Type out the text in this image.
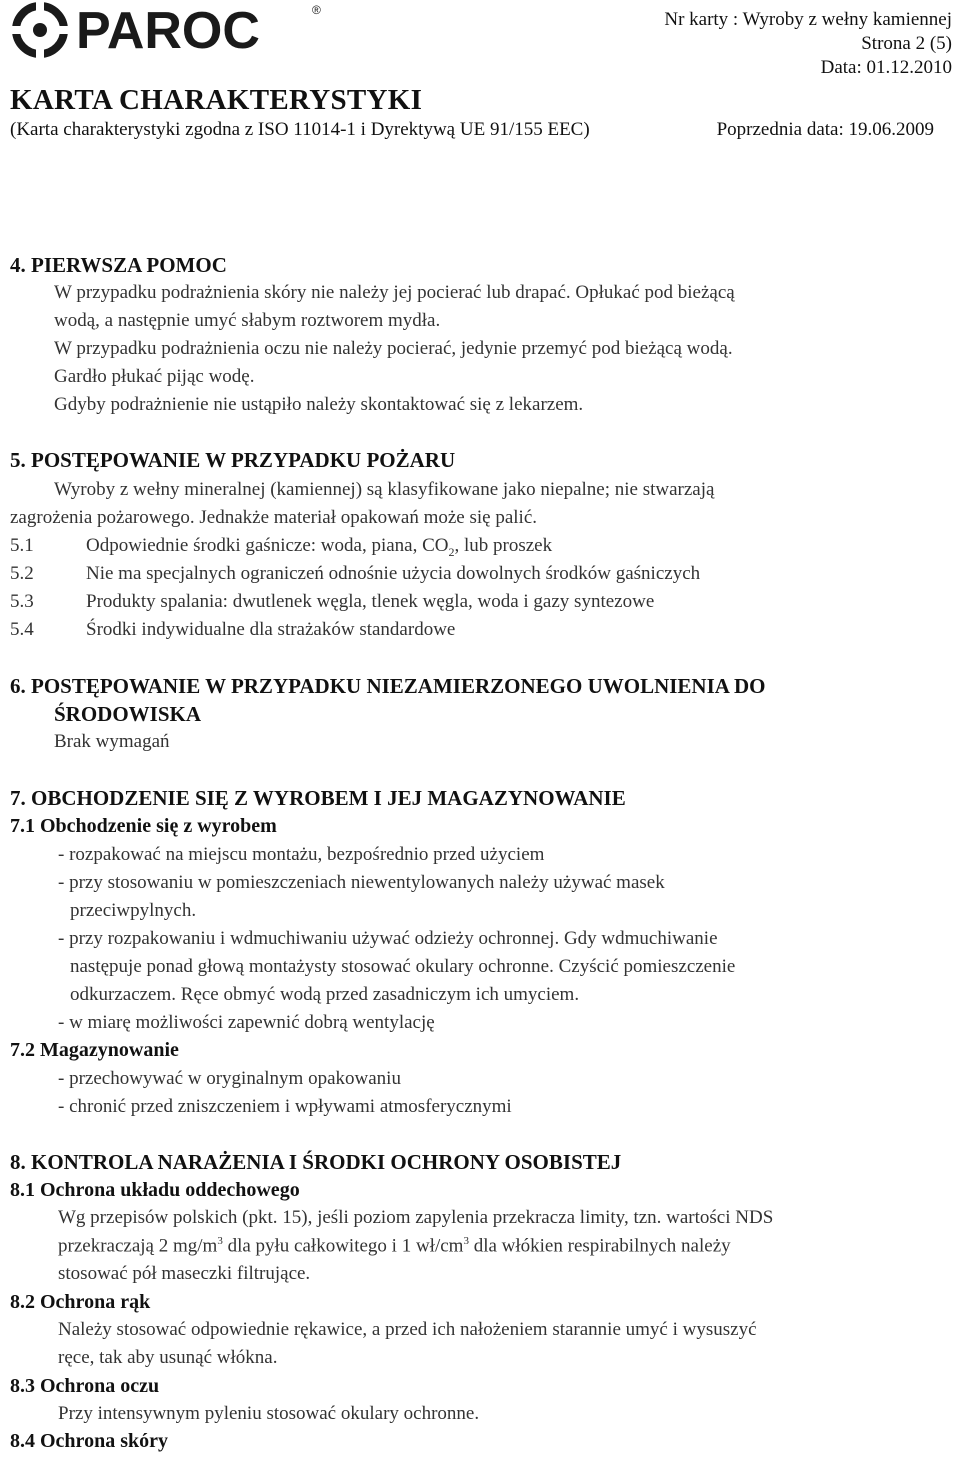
PAROC	®	Nr karty : Wyroby z wełny kamiennej
Strona 2 (5)
Data: 01.12.2010
KARTA CHARAKTERYSTYKI
(Karta charakterystyki zgodna z ISO 11014-1 i Dyrektywą UE 91/155 EEC)	Poprzednia data: 19.06.2009
4. PIERWSZA POMOC
W przypadku podrażnienia skóry nie należy jej pocierać lub drapać. Opłukać pod bieżącą
wodą, a następnie umyć słabym roztworem mydła.
W przypadku podrażnienia oczu nie należy pocierać, jedynie przemyć pod bieżącą wodą.
Gardło płukać pijąc wodę.
Gdyby podrażnienie nie ustąpiło należy skontaktować się z lekarzem.
5. POSTĘPOWANIE W PRZYPADKU POŻARU
Wyroby z wełny mineralnej (kamiennej) są klasyfikowane jako niepalne; nie stwarzają
zagrożenia pożarowego. Jednakże materiał opakowań może się palić.
5.1	Odpowiednie środki gaśnicze: woda, piana, $CO_2$, lub proszek
5.2	Nie ma specjalnych ograniczeń odnośnie użycia dowolnych środków gaśniczych
5.3	Produkty spalania: dwutlenek węgla, tlenek węgla, woda i gazy syntezowe
5.4	Środki indywidualne dla strażaków standardowe
6. POSTĘPOWANIE W PRZYPADKU NIEZAMIERZONEGO UWOLNIENIA DO
ŚRODOWISKA
Brak wymagań
7. OBCHODZENIE SIĘ Z WYROBEM I JEJ MAGAZYNOWANIE
7.1 Obchodzenie się z wyrobem
- rozpakować na miejscu montażu, bezpośrednio przed użyciem
- przy stosowaniu w pomieszczeniach niewentylowanych należy używać masek
przeciwpylnych.
- przy rozpakowaniu i wdmuchiwaniu używać odzieży ochronnej. Gdy wdmuchiwanie
następuje ponad głową montażysty stosować okulary ochronne. Czyścić pomieszczenie
odkurzaczem. Ręce obmyć wodą przed zasadniczym ich umyciem.
- w miarę możliwości zapewnić dobrą wentylację
7.2 Magazynowanie
- przechowywać w oryginalnym opakowaniu
- chronić przed zniszczeniem i wpływami atmosferycznymi
8. KONTROLA NARAŻENIA I ŚRODKI OCHRONY OSOBISTEJ
8.1 Ochrona układu oddechowego
Wg przepisów polskich (pkt. 15), jeśli poziom zapylenia przekracza limity, tzn. wartości NDS
przekraczają 2 $mg/m^3$ dla pyłu całkowitego i 1 $wł/cm^3$ dla włókien respirabilnych należy
stosować pół maseczki filtrujące.
8.2 Ochrona rąk
Należy stosować odpowiednie rękawice, a przed ich nałożeniem starannie umyć i wysuszyć
ręce, tak aby usunąć włókna.
8.3 Ochrona oczu
Przy intensywnym pyleniu stosować okulary ochronne.
8.4 Ochrona skóry
